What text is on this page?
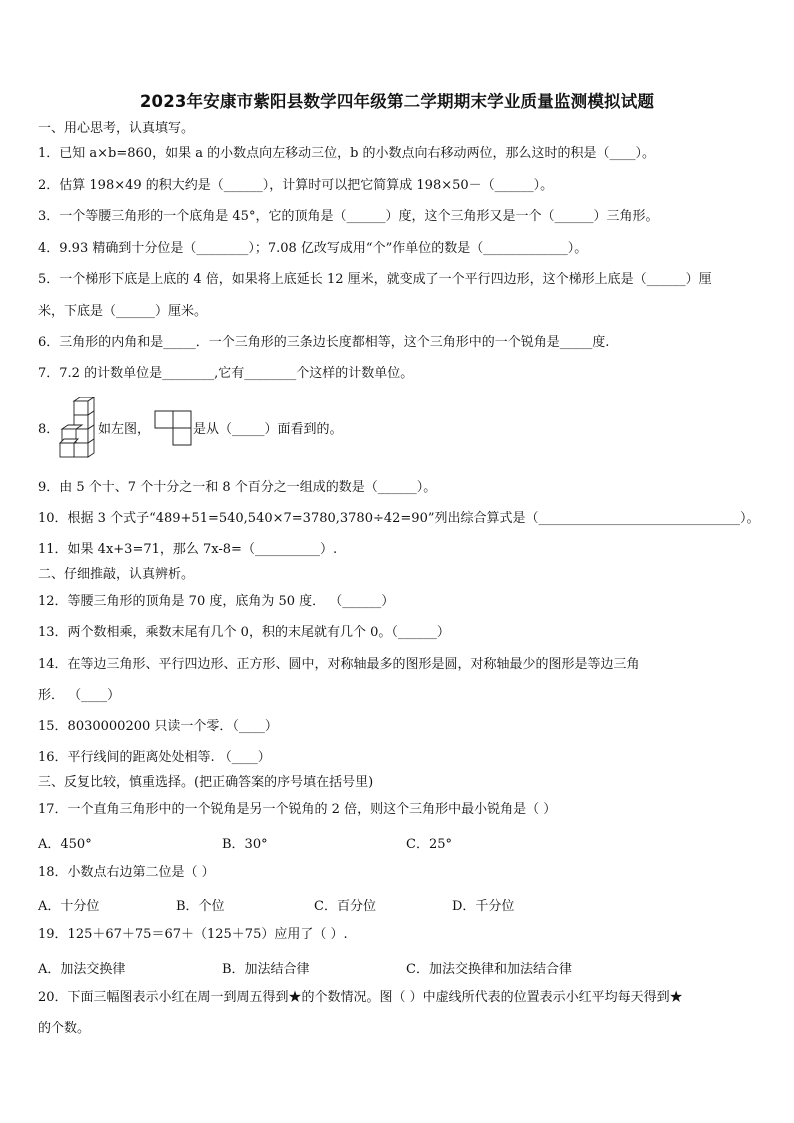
2023年安康市紫阳县数学四年级第二学期期末学业质量监测模拟试题
一、用心思考，认真填写。
1．已知 a×b=860，如果 a 的小数点向左移动三位，b 的小数点向右移动两位，那么这时的积是（____）。
2．估算 198×49 的积大约是（______），计算时可以把它简算成 198×50－（______）。
3．一个等腰三角形的一个底角是 45°，它的顶角是（______）度，这个三角形又是一个（______）三角形。
4．9.93 精确到十分位是（________）；7.08 亿改写成用“个”作单位的数是（_____________）。
5．一个梯形下底是上底的 4 倍，如果将上底延长 12 厘米，就变成了一个平行四边形，这个梯形上底是（______）厘
米，下底是（______）厘米。
6．三角形的内角和是_____．一个三角形的三条边长度都相等，这个三角形中的一个锐角是_____度.
7．7.2 的计数单位是________,它有________个这样的计数单位。
8．	如左图，	是从（_____）面看到的。
9．由 5 个十、7 个十分之一和 8 个百分之一组成的数是（______）。
10．根据 3 个式子“489+51=540,540×7=3780,3780÷42=90”列出综合算式是（_______________________________）。
11．如果 4x+3=71，那么 7x-8=（__________）.
二、仔细推敲，认真辨析。
12．等腰三角形的顶角是 70 度，底角为 50 度． （______）
13．两个数相乘，乘数末尾有几个 0，积的末尾就有几个 0。（______）
14．在等边三角形、平行四边形、正方形、圆中，对称轴最多的图形是圆，对称轴最少的图形是等边三角
形． （____）
15．8030000200 只读一个零．（____）
16．平行线间的距离处处相等. （____）
三、反复比较，慎重选择。(把正确答案的序号填在括号里)
17．一个直角三角形中的一个锐角是另一个锐角的 2 倍，则这个三角形中最小锐角是（ ）
A．450°	B．30°	C．25°
18．小数点右边第二位是（ ）
A．十分位	B．个位	C．百分位	D．千分位
19．125＋67＋75＝67＋（125＋75）应用了（ ）.
A．加法交换律	B．加法结合律	C．加法交换律和加法结合律
20．下面三幅图表示小红在周一到周五得到★的个数情况。图（ ）中虚线所代表的位置表示小红平均每天得到★
的个数。
